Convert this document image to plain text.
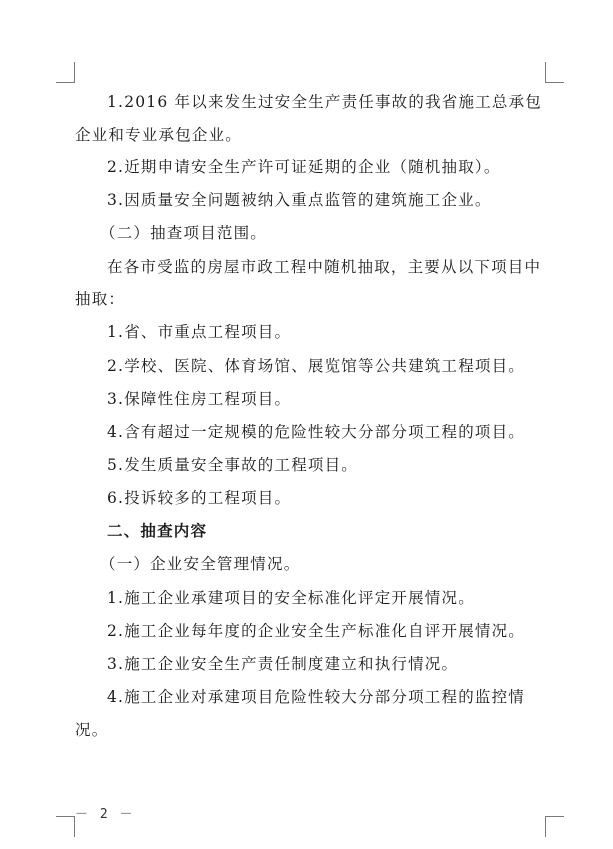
1.2016 年以来发生过安全生产责任事故的我省施工总承包
企业和专业承包企业。
2.近期申请安全生产许可证延期的企业（随机抽取）。
3.因质量安全问题被纳入重点监管的建筑施工企业。
（二）抽查项目范围。
在各市受监的房屋市政工程中随机抽取，主要从以下项目中
抽取：
1.省、市重点工程项目。
2.学校、医院、体育场馆、展览馆等公共建筑工程项目。
3.保障性住房工程项目。
4.含有超过一定规模的危险性较大分部分项工程的项目。
5.发生质量安全事故的工程项目。
6.投诉较多的工程项目。
二、抽查内容
（一）企业安全管理情况。
1.施工企业承建项目的安全标准化评定开展情况。
2.施工企业每年度的企业安全生产标准化自评开展情况。
3.施工企业安全生产责任制度建立和执行情况。
4.施工企业对承建项目危险性较大分部分项工程的监控情
况。
－ 2 －
